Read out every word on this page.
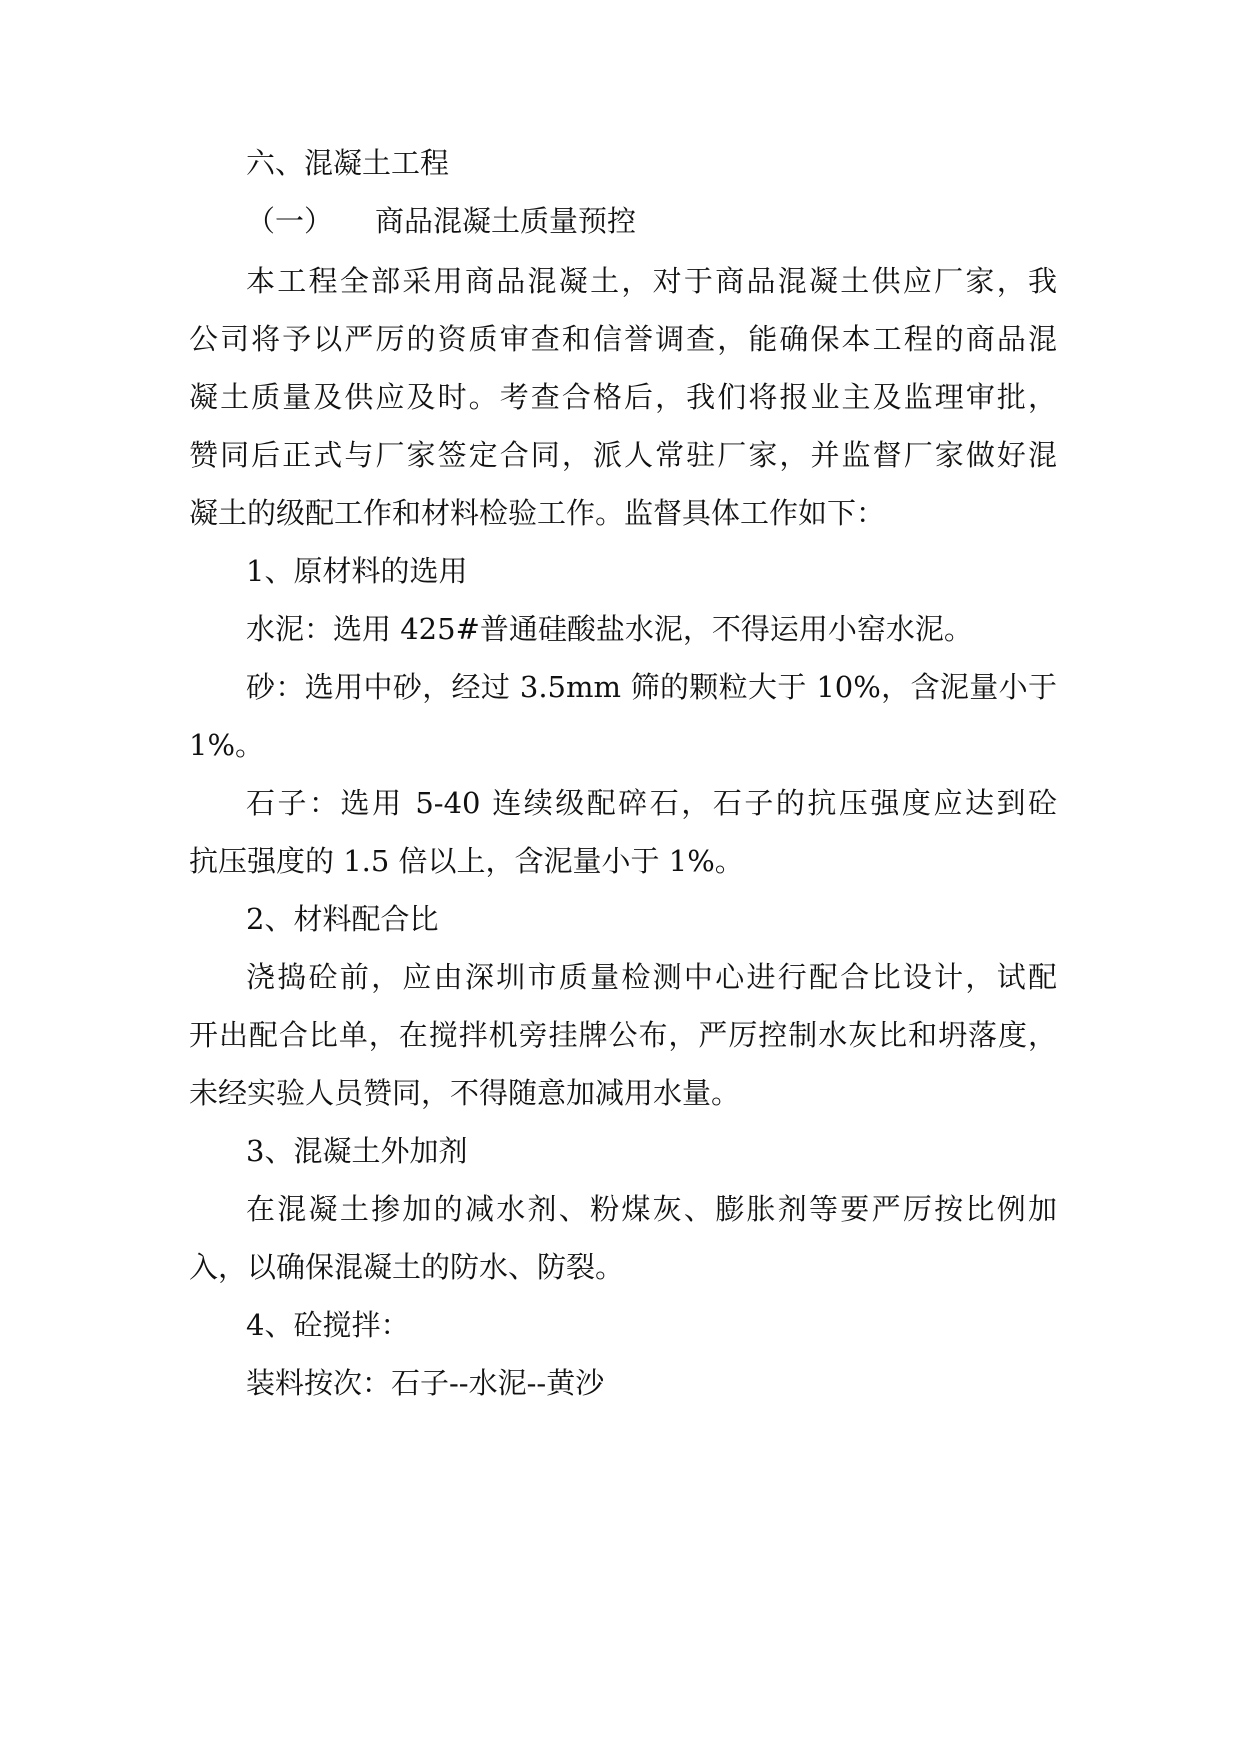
六、混凝土工程
（一） 商品混凝土质量预控
本工程全部采用商品混凝土，对于商品混凝土供应厂家，我
公司将予以严厉的资质审查和信誉调查，能确保本工程的商品混
凝土质量及供应及时。考查合格后，我们将报业主及监理审批，
赞同后正式与厂家签定合同，派人常驻厂家，并监督厂家做好混
凝土的级配工作和材料检验工作。监督具体工作如下：
1、原材料的选用
水泥：选用 425#普通硅酸盐水泥，不得运用小窑水泥。
砂：选用中砂，经过 3.5mm 筛的颗粒大于 10%，含泥量小于
1%。
石子：选用 5-40 连续级配碎石，石子的抗压强度应达到砼
抗压强度的 1.5 倍以上，含泥量小于 1%。
2、材料配合比
浇捣砼前，应由深圳市质量检测中心进行配合比设计，试配
开出配合比单，在搅拌机旁挂牌公布，严厉控制水灰比和坍落度，
未经实验人员赞同，不得随意加减用水量。
3、混凝土外加剂
在混凝土掺加的减水剂、粉煤灰、膨胀剂等要严厉按比例加
入，以确保混凝土的防水、防裂。
4、砼搅拌：
装料按次：石子--水泥--黄沙
